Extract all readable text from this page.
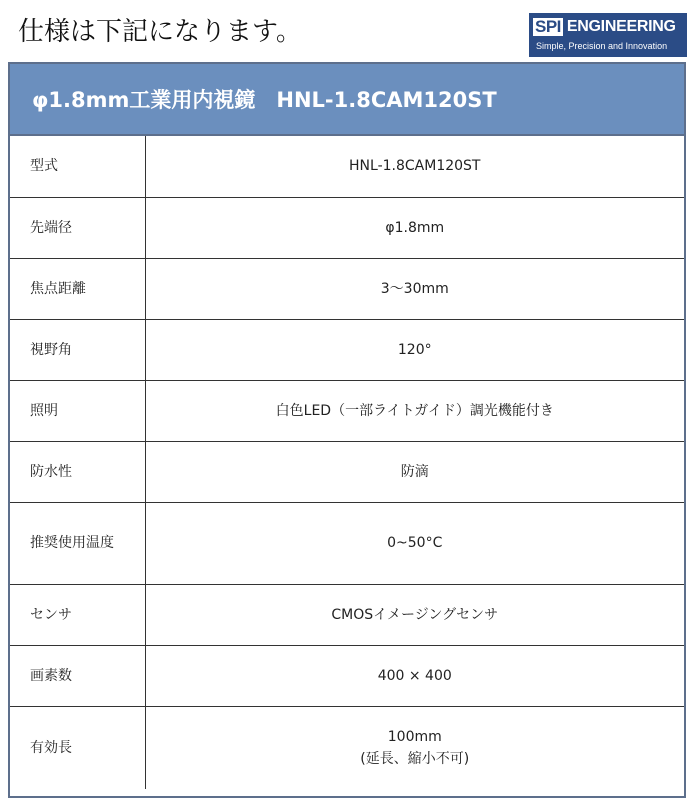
仕様は下記になります。	SPI ENGINEERING
Simple, Precision and Innovation
φ1.8mm工業用内視鏡　HNL-1.8CAM120ST
型式	HNL-1.8CAM120ST
先端径	φ1.8mm
焦点距離	3〜30mm
視野角	120°
照明	白色LED（一部ライトガイド）調光機能付き
防水性	防滴
推奨使用温度	0~50°C
センサ	CMOSイメージングセンサ
画素数	400 × 400
有効長	100mm
(延長、縮小不可)
